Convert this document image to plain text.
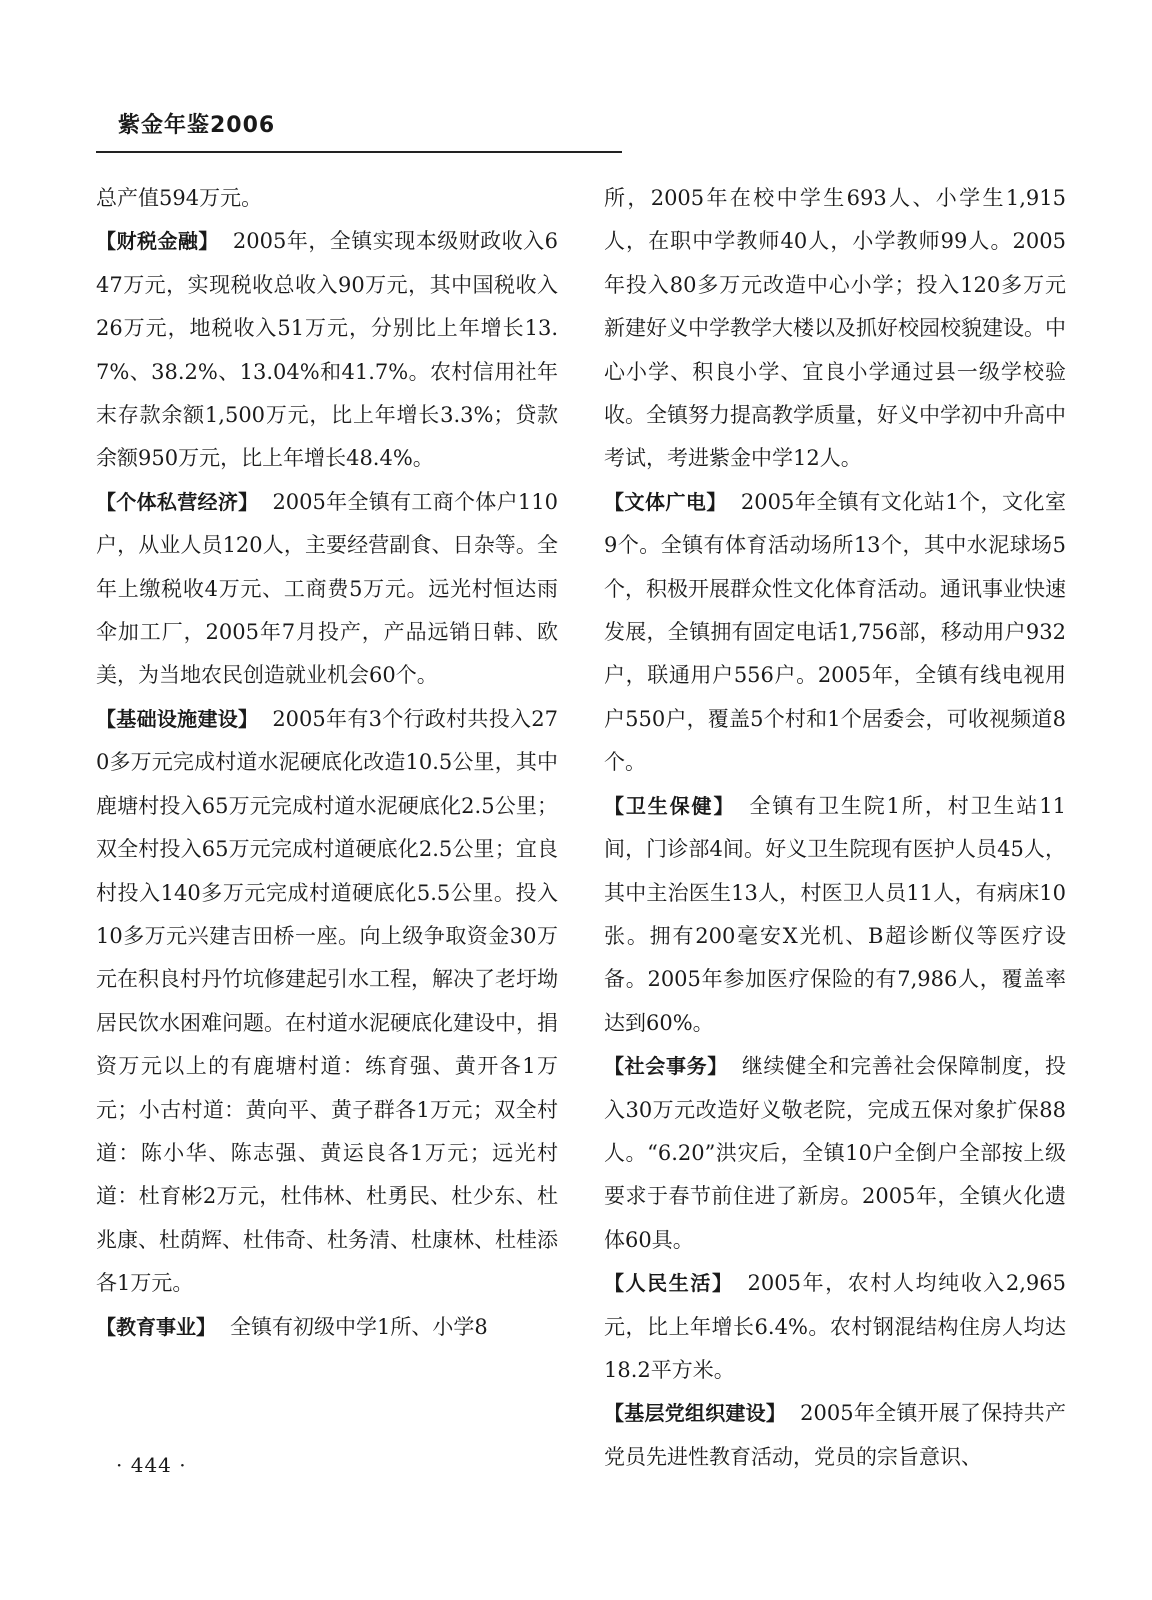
紫金年鉴2006

总产值594万元。

【财税金融】 2005年，全镇实现本级财政收入647万元，实现税收总收入90万元，其中国税收入26万元，地税收入51万元，分别比上年增长13.7%、38.2%、13.04%和41.7%。农村信用社年末存款余额1,500万元，比上年增长3.3%；贷款余额950万元，比上年增长48.4%。

【个体私营经济】 2005年全镇有工商个体户110户，从业人员120人，主要经营副食、日杂等。全年上缴税收4万元、工商费5万元。远光村恒达雨伞加工厂，2005年7月投产，产品远销日韩、欧美，为当地农民创造就业机会60个。

【基础设施建设】 2005年有3个行政村共投入270多万元完成村道水泥硬底化改造10.5公里，其中鹿塘村投入65万元完成村道水泥硬底化2.5公里；双全村投入65万元完成村道硬底化2.5公里；宜良村投入140多万元完成村道硬底化5.5公里。投入10多万元兴建吉田桥一座。向上级争取资金30万元在积良村丹竹坑修建起引水工程，解决了老圩坳居民饮水困难问题。在村道水泥硬底化建设中，捐资万元以上的有鹿塘村道：练育强、黄开各1万元；小古村道：黄向平、黄子群各1万元；双全村道：陈小华、陈志强、黄运良各1万元；远光村道：杜育彬2万元，杜伟林、杜勇民、杜少东、杜兆康、杜荫辉、杜伟奇、杜务清、杜康林、杜桂添各1万元。

【教育事业】 全镇有初级中学1所、小学8

所，2005年在校中学生693人、小学生1,915人，在职中学教师40人，小学教师99人。2005年投入80多万元改造中心小学；投入120多万元新建好义中学教学大楼以及抓好校园校貌建设。中心小学、积良小学、宜良小学通过县一级学校验收。全镇努力提高教学质量，好义中学初中升高中考试，考进紫金中学12人。

【文体广电】 2005年全镇有文化站1个，文化室9个。全镇有体育活动场所13个，其中水泥球场5个，积极开展群众性文化体育活动。通讯事业快速发展，全镇拥有固定电话1,756部，移动用户932户，联通用户556户。2005年，全镇有线电视用户550户，覆盖5个村和1个居委会，可收视频道8个。

【卫生保健】 全镇有卫生院1所，村卫生站11间，门诊部4间。好义卫生院现有医护人员45人，其中主治医生13人，村医卫人员11人，有病床10张。拥有200毫安X光机、B超诊断仪等医疗设备。2005年参加医疗保险的有7,986人，覆盖率达到60%。

【社会事务】 继续健全和完善社会保障制度，投入30万元改造好义敬老院，完成五保对象扩保88人。“6.20”洪灾后，全镇10户全倒户全部按上级要求于春节前住进了新房。2005年，全镇火化遗体60具。

【人民生活】 2005年，农村人均纯收入2,965元，比上年增长6.4%。农村钢混结构住房人均达18.2平方米。

【基层党组织建设】 2005年全镇开展了保持共产党员先进性教育活动，党员的宗旨意识、

· 444 ·
